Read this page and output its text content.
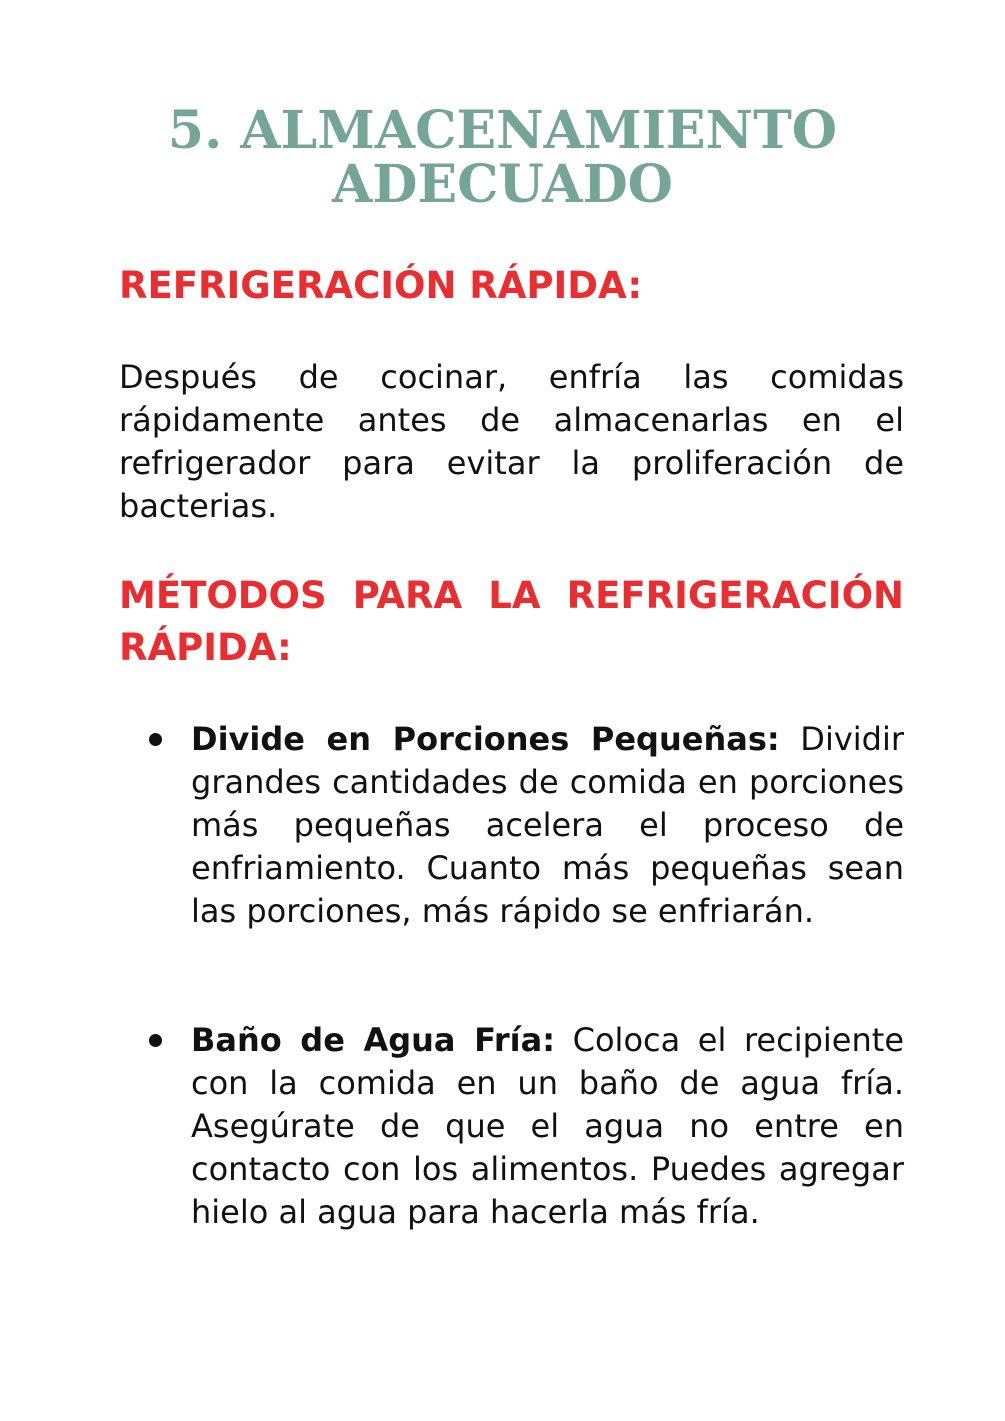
5. ALMACENAMIENTO
ADECUADO
REFRIGERACIÓN RÁPIDA:

Después de cocinar, enfría las comidas rápidamente antes de almacenarlas en el refrigerador para evitar la proliferación de bacterias.

MÉTODOS PARA LA REFRIGERACIÓN
RÁPIDA:

Divide en Porciones Pequeñas: Dividir grandes cantidades de comida en porciones más pequeñas acelera el proceso de enfriamiento. Cuanto más pequeñas sean las porciones, más rápido se enfriarán.

Baño de Agua Fría: Coloca el recipiente con la comida en un baño de agua fría. Asegúrate de que el agua no entre en contacto con los alimentos. Puedes agregar hielo al agua para hacerla más fría.
